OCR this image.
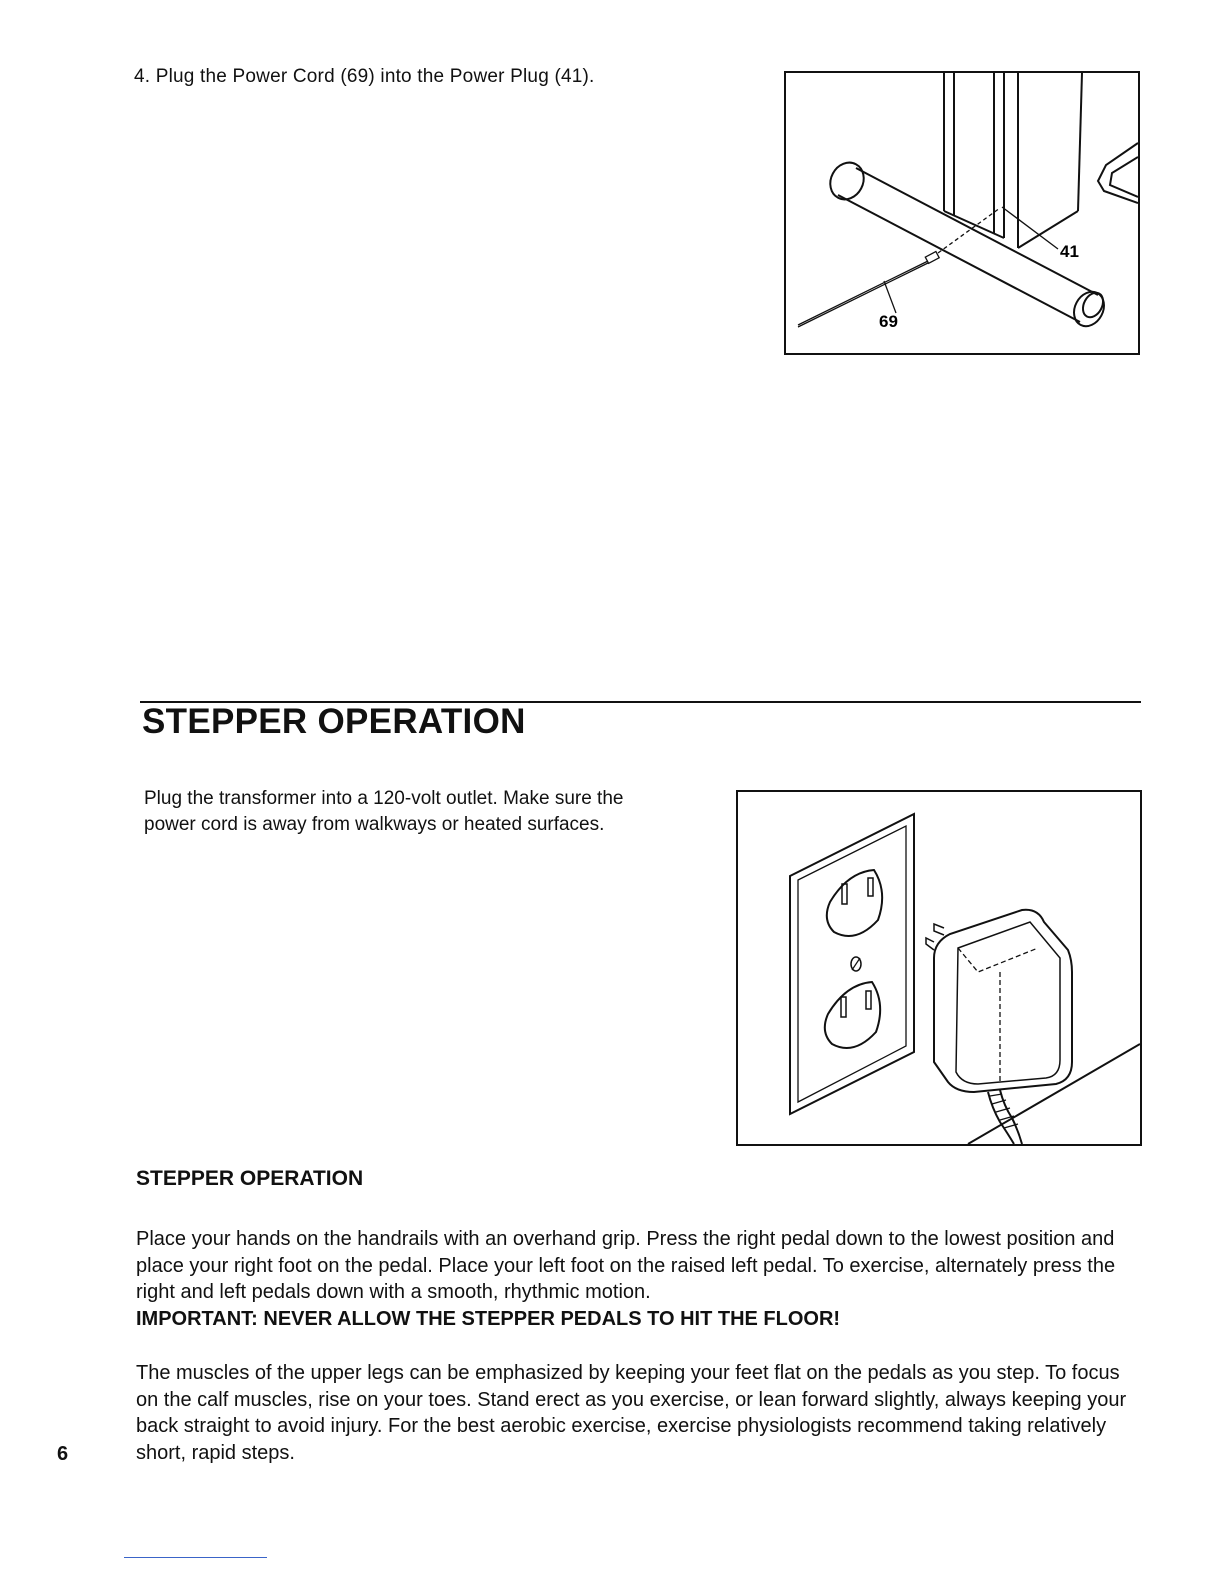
4. Plug the Power Cord (69) into the Power Plug (41).
41
69
STEPPER OPERATION
Plug the transformer into a 120-volt outlet. Make sure the power cord is away from walkways or heated surfaces.
STEPPER OPERATION
Place your hands on the handrails with an overhand grip. Press the right pedal down to the lowest position and place your right foot on the pedal. Place your left foot on the raised left pedal. To exercise, alternately press the right and left pedals down with a smooth, rhythmic motion.
IMPORTANT: NEVER ALLOW THE STEPPER PEDALS TO HIT THE FLOOR!
The muscles of the upper legs can be emphasized by keeping your feet flat on the pedals as you step. To focus on the calf muscles, rise on your toes. Stand erect as you exercise, or lean forward slightly, always keeping your back straight to avoid injury. For the best aerobic exercise, exercise physiologists recommend taking relatively short, rapid steps.
6
